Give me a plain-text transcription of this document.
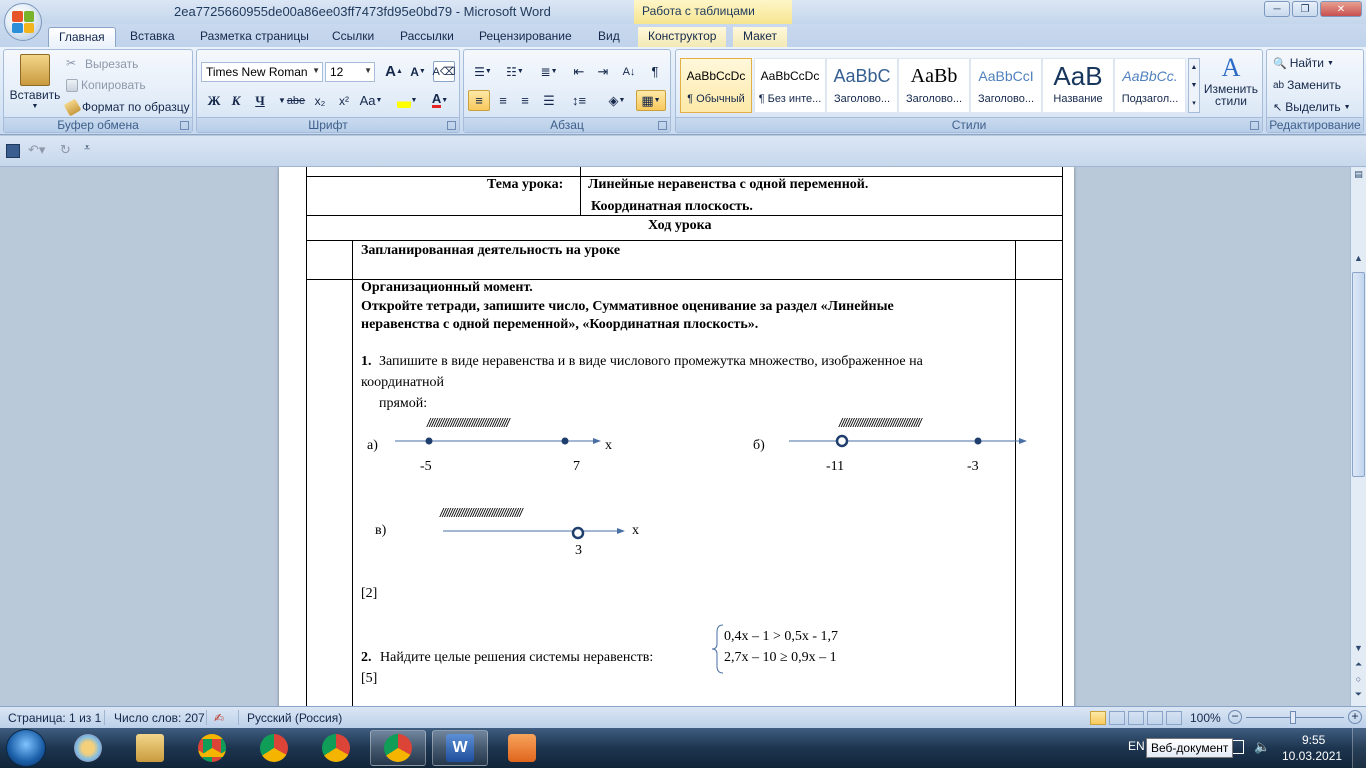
2ea7725660955de00a86ee03ff7473fd95e0bd79 - Microsoft Word	Работа с таблицами	─	❐	✕
Главная	Вставка	Разметка страницы	Ссылки	Рассылки	Рецензирование	Вид	Конструктор	Макет
Вставить
▼
✂ Вырезать
Копировать
Формат по образцу
Буфер обмена
Times New Roman ▼ 12	▼ A ▲ A ▼ A⌫
Ж К	Ч	▼ abe x₂	x² Aa ▼	▼ A ▼
Шрифт
☰ ▼ ☷ ▼ ≣ ▼ ⇤ ⇥ A↓ ¶
≡ ≡ ≡ ☰ ↕≡ ◈ ▼ ▦ ▼
Абзац
AaBbCcDc
¶ Обычный
AaBbCcDc
¶ Без инте...
AaBbC
Заголово...
AaBb
Заголово...
AaBbCcI
Заголово...
AaB
Название
AaBbCc.
Подзагол...
▲
▼
▾
A
Изменить стили
Стили
🔍 Найти ▼
ab Заменить
↖ Выделить ▼
Редактирование
↶▾ ↻ ⩡
Тема урока: Линейные неравенства с одной переменной.
Координатная плоскость.
Ход урока
Запланированная деятельность на уроке
Организационный момент.
Откройте тетради, запишите число, Суммативное оценивание за раздел «Линейные
неравенства с одной переменной», «Координатная плоскость».
1. Запишите в виде неравенства и в виде числового промежутка множество, изображенное на
координатной
прямой:
///////////////////////////////////
а)	x
-5	7
///////////////////////////////////
б)
-11	-3
///////////////////////////////////
в)	x
3
[2]
2. Найдите целые решения системы неравенств:
0,4x – 1 > 0,5x - 1,7
2,7x – 10 ≥ 0,9x – 1
[5]
▤
▲
▼
⏶
○
⏷
Страница: 1 из 1 Число слов: 207 ✍ Русский (Россия)	100% −	+
W	EN	🔈	9:55
10.03.2021
Веб-документ
